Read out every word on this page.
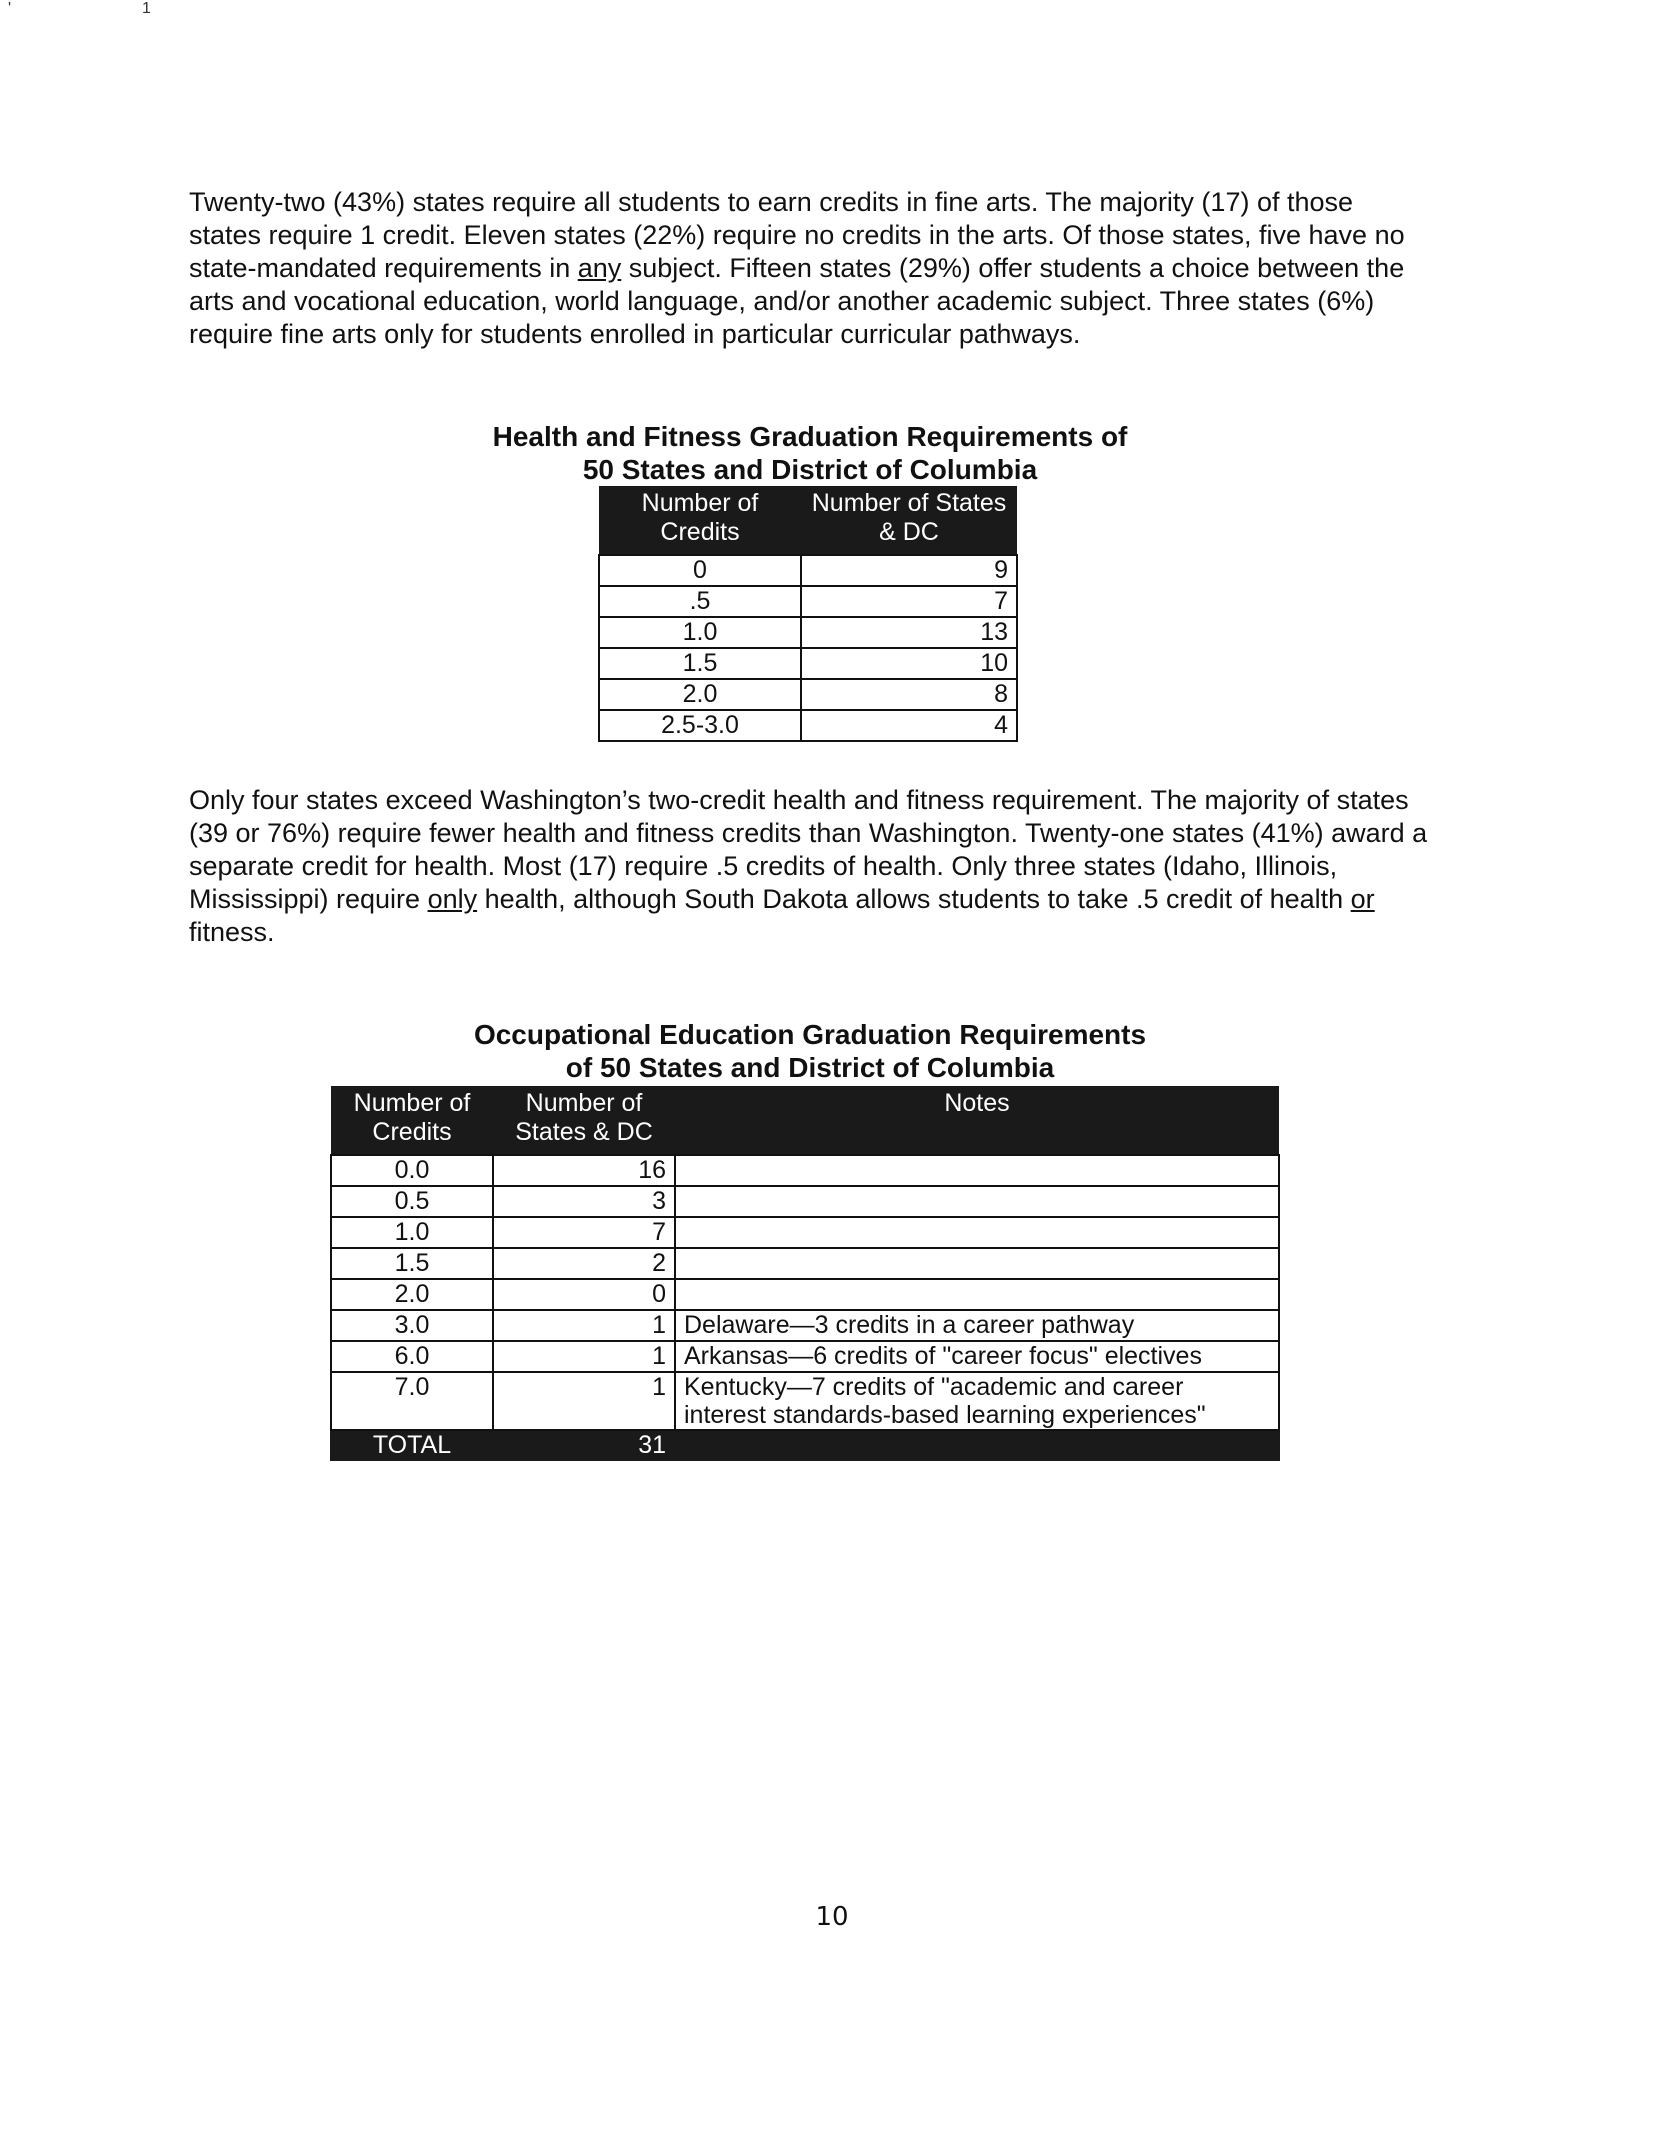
'	1

Twenty-two (43%) states require all students to earn credits in fine arts. The majority (17) of those states require 1 credit. Eleven states (22%) require no credits in the arts. Of those states, five have no state-mandated requirements in any subject. Fifteen states (29%) offer students a choice between the arts and vocational education, world language, and/or another academic subject. Three states (6%) require fine arts only for students enrolled in particular curricular pathways.

Health and Fitness Graduation Requirements of
50 States and District of Columbia
Number of Credits	Number of States & DC
0	9
.5	7
1.0	13
1.5	10
2.0	8
2.5-3.0	4

Only four states exceed Washington’s two-credit health and fitness requirement. The majority of states (39 or 76%) require fewer health and fitness credits than Washington. Twenty-one states (41%) award a separate credit for health. Most (17) require .5 credits of health. Only three states (Idaho, Illinois, Mississippi) require only health, although South Dakota allows students to take .5 credit of health or fitness.

Occupational Education Graduation Requirements
of 50 States and District of Columbia
Number of Credits	Number of States & DC	Notes
0.0	16	
0.5	3	
1.0	7	
1.5	2	
2.0	0	
3.0	1	Delaware—3 credits in a career pathway
6.0	1	Arkansas—6 credits of "career focus" electives
7.0	1	Kentucky—7 credits of "academic and career interest standards-based learning experiences"
TOTAL	31	
10
